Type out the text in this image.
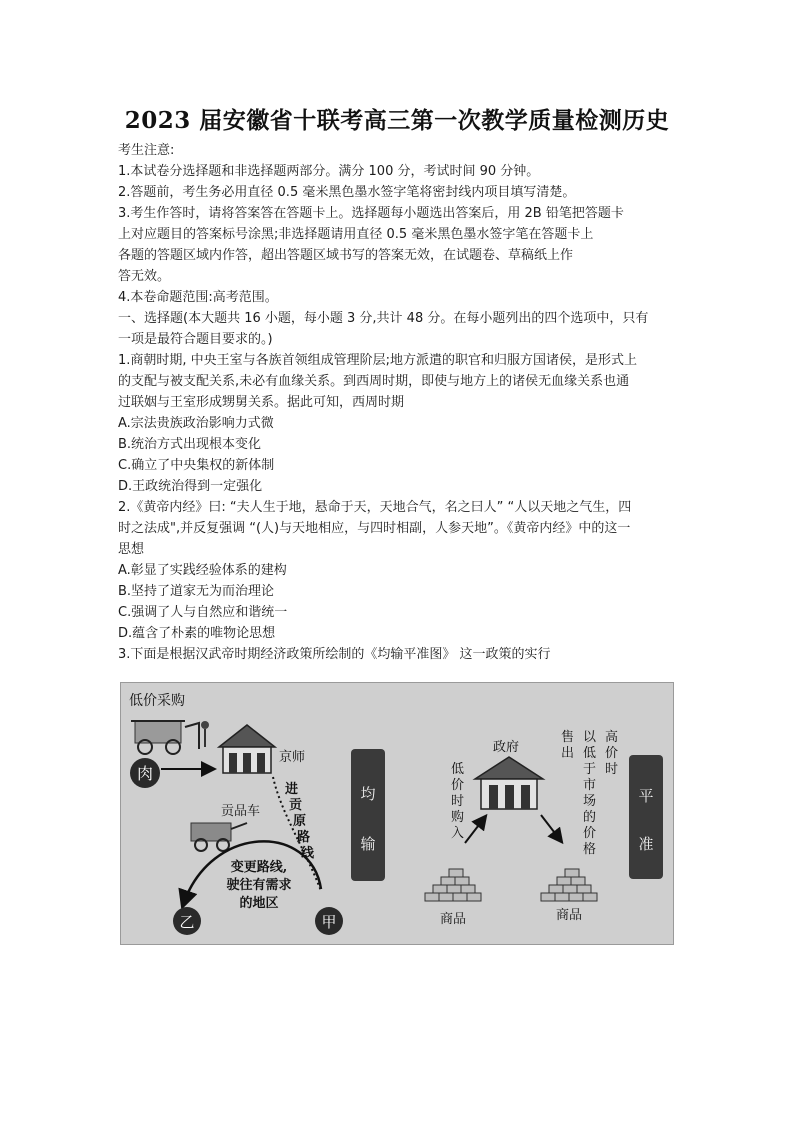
2023 届安徽省十联考高三第一次教学质量检测历史
考生注意:
1.本试卷分选择题和非选择题两部分。满分 100 分，考试时间 90 分钟。
2.答题前，考生务必用直径 0.5 毫米黑色墨水签字笔将密封线内项目填写清楚。
3.考生作答时，请将答案答在答题卡上。选择题每小题选出答案后，用 2B 铅笔把答题卡
上对应题目的答案标号涂黑;非选择题请用直径 0.5 毫米黑色墨水签字笔在答题卡上
各题的答题区域内作答，超出答题区域书写的答案无效，在试题卷、草稿纸上作
答无效。
4.本卷命题范围:高考范围。
一、选择题(本大题共 16 小题，每小题 3 分,共计 48 分。在每小题列出的四个选项中，只有
一项是最符合题目要求的。)
1.商朝时期, 中央王室与各族首领组成管理阶层;地方派遣的职官和归服方国诸侯，是形式上
的支配与被支配关系,未必有血缘关系。到西周时期，即使与地方上的诸侯无血缘关系也通
过联姻与王室形成甥舅关系。据此可知，西周时期
A.宗法贵族政治影响力式微
B.统治方式出现根本变化
C.确立了中央集权的新体制
D.王政统治得到一定强化
2.《黄帝内经》曰: “夫人生于地，悬命于天，天地合气，名之曰人” “人以天地之气生，四
时之法成",并反复强调 “(人)与天地相应，与四时相副，人参天地”。《黄帝内经》中的这一
思想
A.彰显了实践经验体系的建构
B.坚持了道家无为而治理论
C.强调了人与自然应和谐统一
D.蕴含了朴素的唯物论思想
3.下面是根据汉武帝时期经济政策所绘制的《均输平准图》 这一政策的实行
低价采购
肉
京师
进
贡
原
路
线
贡品车
变更路线,
驶往有需求
的地区
乙	甲
均
输
政府
低
价
时
购
入
商品	商品
售
出
以
低
于
市
场
的
价
格
高
价
时
平
准
